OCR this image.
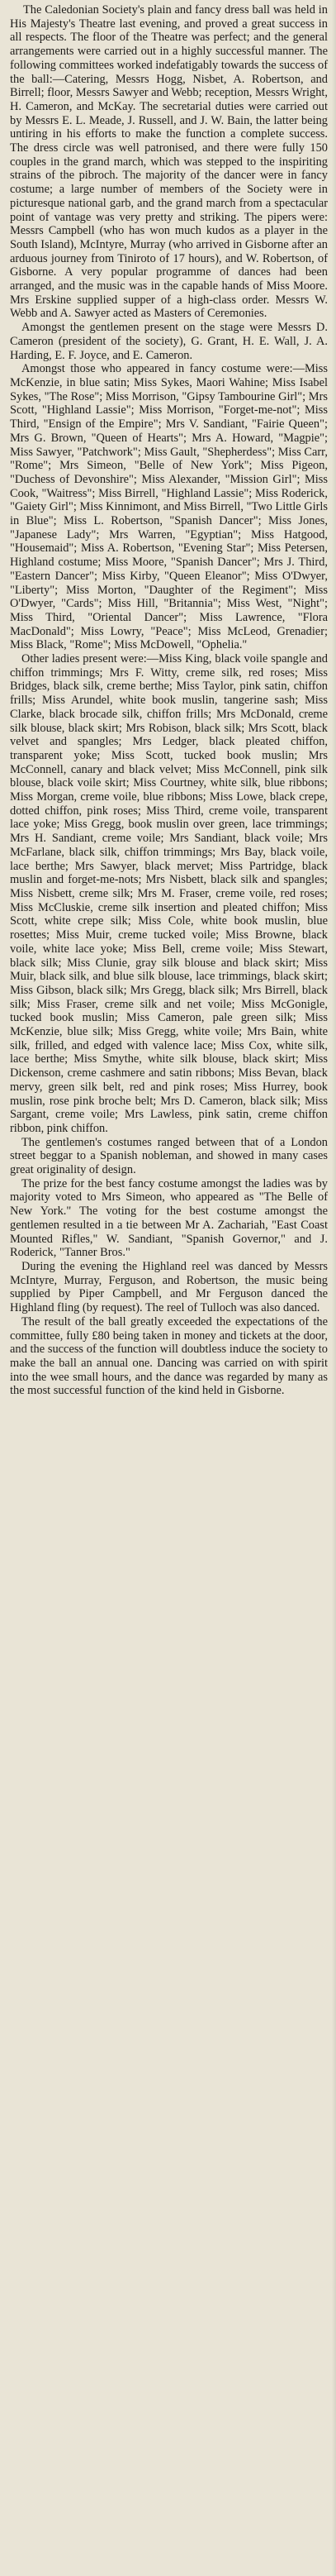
The Caledonian Society's plain and fancy dress ball was held in His Majesty's Theatre last evening, and proved a great success in all respects. The floor of the Theatre was perfect; and the general arrangements were carried out in a highly successful manner. The following committees worked indefatigably towards the success of the ball:—Catering, Messrs Hogg, Nisbet, A. Robertson, and Birrell; floor, Messrs Sawyer and Webb; reception, Messrs Wright, H. Cameron, and McKay. The secretarial duties were carried out by Messrs E. L. Meade, J. Russell, and J. W. Bain, the latter being untiring in his efforts to make the function a complete success. The dress circle was well patronised, and there were fully 150 couples in the grand march, which was stepped to the inspiriting strains of the pibroch. The majority of the dancer were in fancy costume; a large number of members of the Society were in picturesque national garb, and the grand march from a spectacular point of vantage was very pretty and striking. The pipers were: Messrs Campbell (who has won much kudos as a player in the South Island), McIntyre, Murray (who arrived in Gisborne after an arduous journey from Tiniroto of 17 hours), and W. Robertson, of Gisborne. A very popular programme of dances had been arranged, and the music was in the capable hands of Miss Moore. Mrs Erskine supplied supper of a high-class order. Messrs W. Webb and A. Sawyer acted as Masters of Ceremonies.

Amongst the gentlemen present on the stage were Messrs D. Cameron (president of the society), G. Grant, H. E. Wall, J. A. Harding, E. F. Joyce, and E. Cameron.

Amongst those who appeared in fancy costume were:—Miss McKenzie, in blue satin; Miss Sykes, Maori Wahine; Miss Isabel Sykes, "The Rose"; Miss Morrison, "Gipsy Tambourine Girl"; Mrs Scott, "Highland Lassie"; Miss Morrison, "Forget-me-not"; Miss Third, "Ensign of the Empire"; Mrs V. Sandiant, "Fairie Queen"; Mrs G. Brown, "Queen of Hearts"; Mrs A. Howard, "Magpie"; Miss Sawyer, "Patchwork"; Miss Gault, "Shepherdess"; Miss Carr, "Rome"; Mrs Simeon, "Belle of New York"; Miss Pigeon, "Duchess of Devonshire"; Miss Alexander, "Mission Girl"; Miss Cook, "Waitress"; Miss Birrell, "Highland Lassie"; Miss Roderick, "Gaiety Girl"; Miss Kinnimont, and Miss Birrell, "Two Little Girls in Blue"; Miss L. Robertson, "Spanish Dancer"; Miss Jones, "Japanese Lady"; Mrs Warren, "Egyptian"; Miss Hatgood, "Housemaid"; Miss A. Robertson, "Evening Star"; Miss Petersen, Highland costume; Miss Moore, "Spanish Dancer"; Mrs J. Third, "Eastern Dancer"; Miss Kirby, "Queen Eleanor"; Miss O'Dwyer, "Liberty"; Miss Morton, "Daughter of the Regiment"; Miss O'Dwyer, "Cards"; Miss Hill, "Britannia"; Miss West, "Night"; Miss Third, "Oriental Dancer"; Miss Lawrence, "Flora MacDonald"; Miss Lowry, "Peace"; Miss McLeod, Grenadier; Miss Black, "Rome"; Miss McDowell, "Ophelia."

Other ladies present were:—Miss King, black voile spangle and chiffon trimmings; Mrs F. Witty, creme silk, red roses; Miss Bridges, black silk, creme berthe; Miss Taylor, pink satin, chiffon frills; Miss Arundel, white book muslin, tangerine sash; Miss Clarke, black brocade silk, chiffon frills; Mrs McDonald, creme silk blouse, black skirt; Mrs Robison, black silk; Mrs Scott, black velvet and spangles; Mrs Ledger, black pleated chiffon, transparent yoke; Miss Scott, tucked book muslin; Mrs McConnell, canary and black velvet; Miss McConnell, pink silk blouse, black voile skirt; Miss Courtney, white silk, blue ribbons; Miss Morgan, creme voile, blue ribbons; Miss Lowe, black crepe, dotted chiffon, pink roses; Miss Third, creme voile, transparent lace yoke; Miss Gregg, book muslin over green, lace trimmings; Mrs H. Sandiant, creme voile; Mrs Sandiant, black voile; Mrs McFarlane, black silk, chiffon trimmings; Mrs Bay, black voile, lace berthe; Mrs Sawyer, black mervet; Miss Partridge, black muslin and forget-me-nots; Mrs Nisbett, black silk and spangles; Miss Nisbett, creme silk; Mrs M. Fraser, creme voile, red roses; Miss McCluskie, creme silk insertion and pleated chiffon; Miss Scott, white crepe silk; Miss Cole, white book muslin, blue rosettes; Miss Muir, creme tucked voile; Miss Browne, black voile, white lace yoke; Miss Bell, creme voile; Miss Stewart, black silk; Miss Clunie, gray silk blouse and black skirt; Miss Muir, black silk, and blue silk blouse, lace trimmings, black skirt; Miss Gibson, black silk; Mrs Gregg, black silk; Mrs Birrell, black silk; Miss Fraser, creme silk and net voile; Miss McGonigle, tucked book muslin; Miss Cameron, pale green silk; Miss McKenzie, blue silk; Miss Gregg, white voile; Mrs Bain, white silk, frilled, and edged with valence lace; Miss Cox, white silk, lace berthe; Miss Smythe, white silk blouse, black skirt; Miss Dickenson, creme cashmere and satin ribbons; Miss Bevan, black mervy, green silk belt, red and pink roses; Miss Hurrey, book muslin, rose pink broche belt; Mrs D. Cameron, black silk; Miss Sargant, creme voile; Mrs Lawless, pink satin, creme chiffon ribbon, pink chiffon.

The gentlemen's costumes ranged between that of a London street beggar to a Spanish nobleman, and showed in many cases great originality of design.

The prize for the best fancy costume amongst the ladies was by majority voted to Mrs Simeon, who appeared as "The Belle of New York." The voting for the best costume amongst the gentlemen resulted in a tie between Mr A. Zachariah, "East Coast Mounted Rifles," W. Sandiant, "Spanish Governor," and J. Roderick, "Tanner Bros."

During the evening the Highland reel was danced by Messrs McIntyre, Murray, Ferguson, and Robertson, the music being supplied by Piper Campbell, and Mr Ferguson danced the Highland fling (by request). The reel of Tulloch was also danced.

The result of the ball greatly exceeded the expectations of the committee, fully £80 being taken in money and tickets at the door, and the success of the function will doubtless induce the society to make the ball an annual one. Dancing was carried on with spirit into the wee small hours, and the dance was regarded by many as the most successful function of the kind held in Gisborne.
